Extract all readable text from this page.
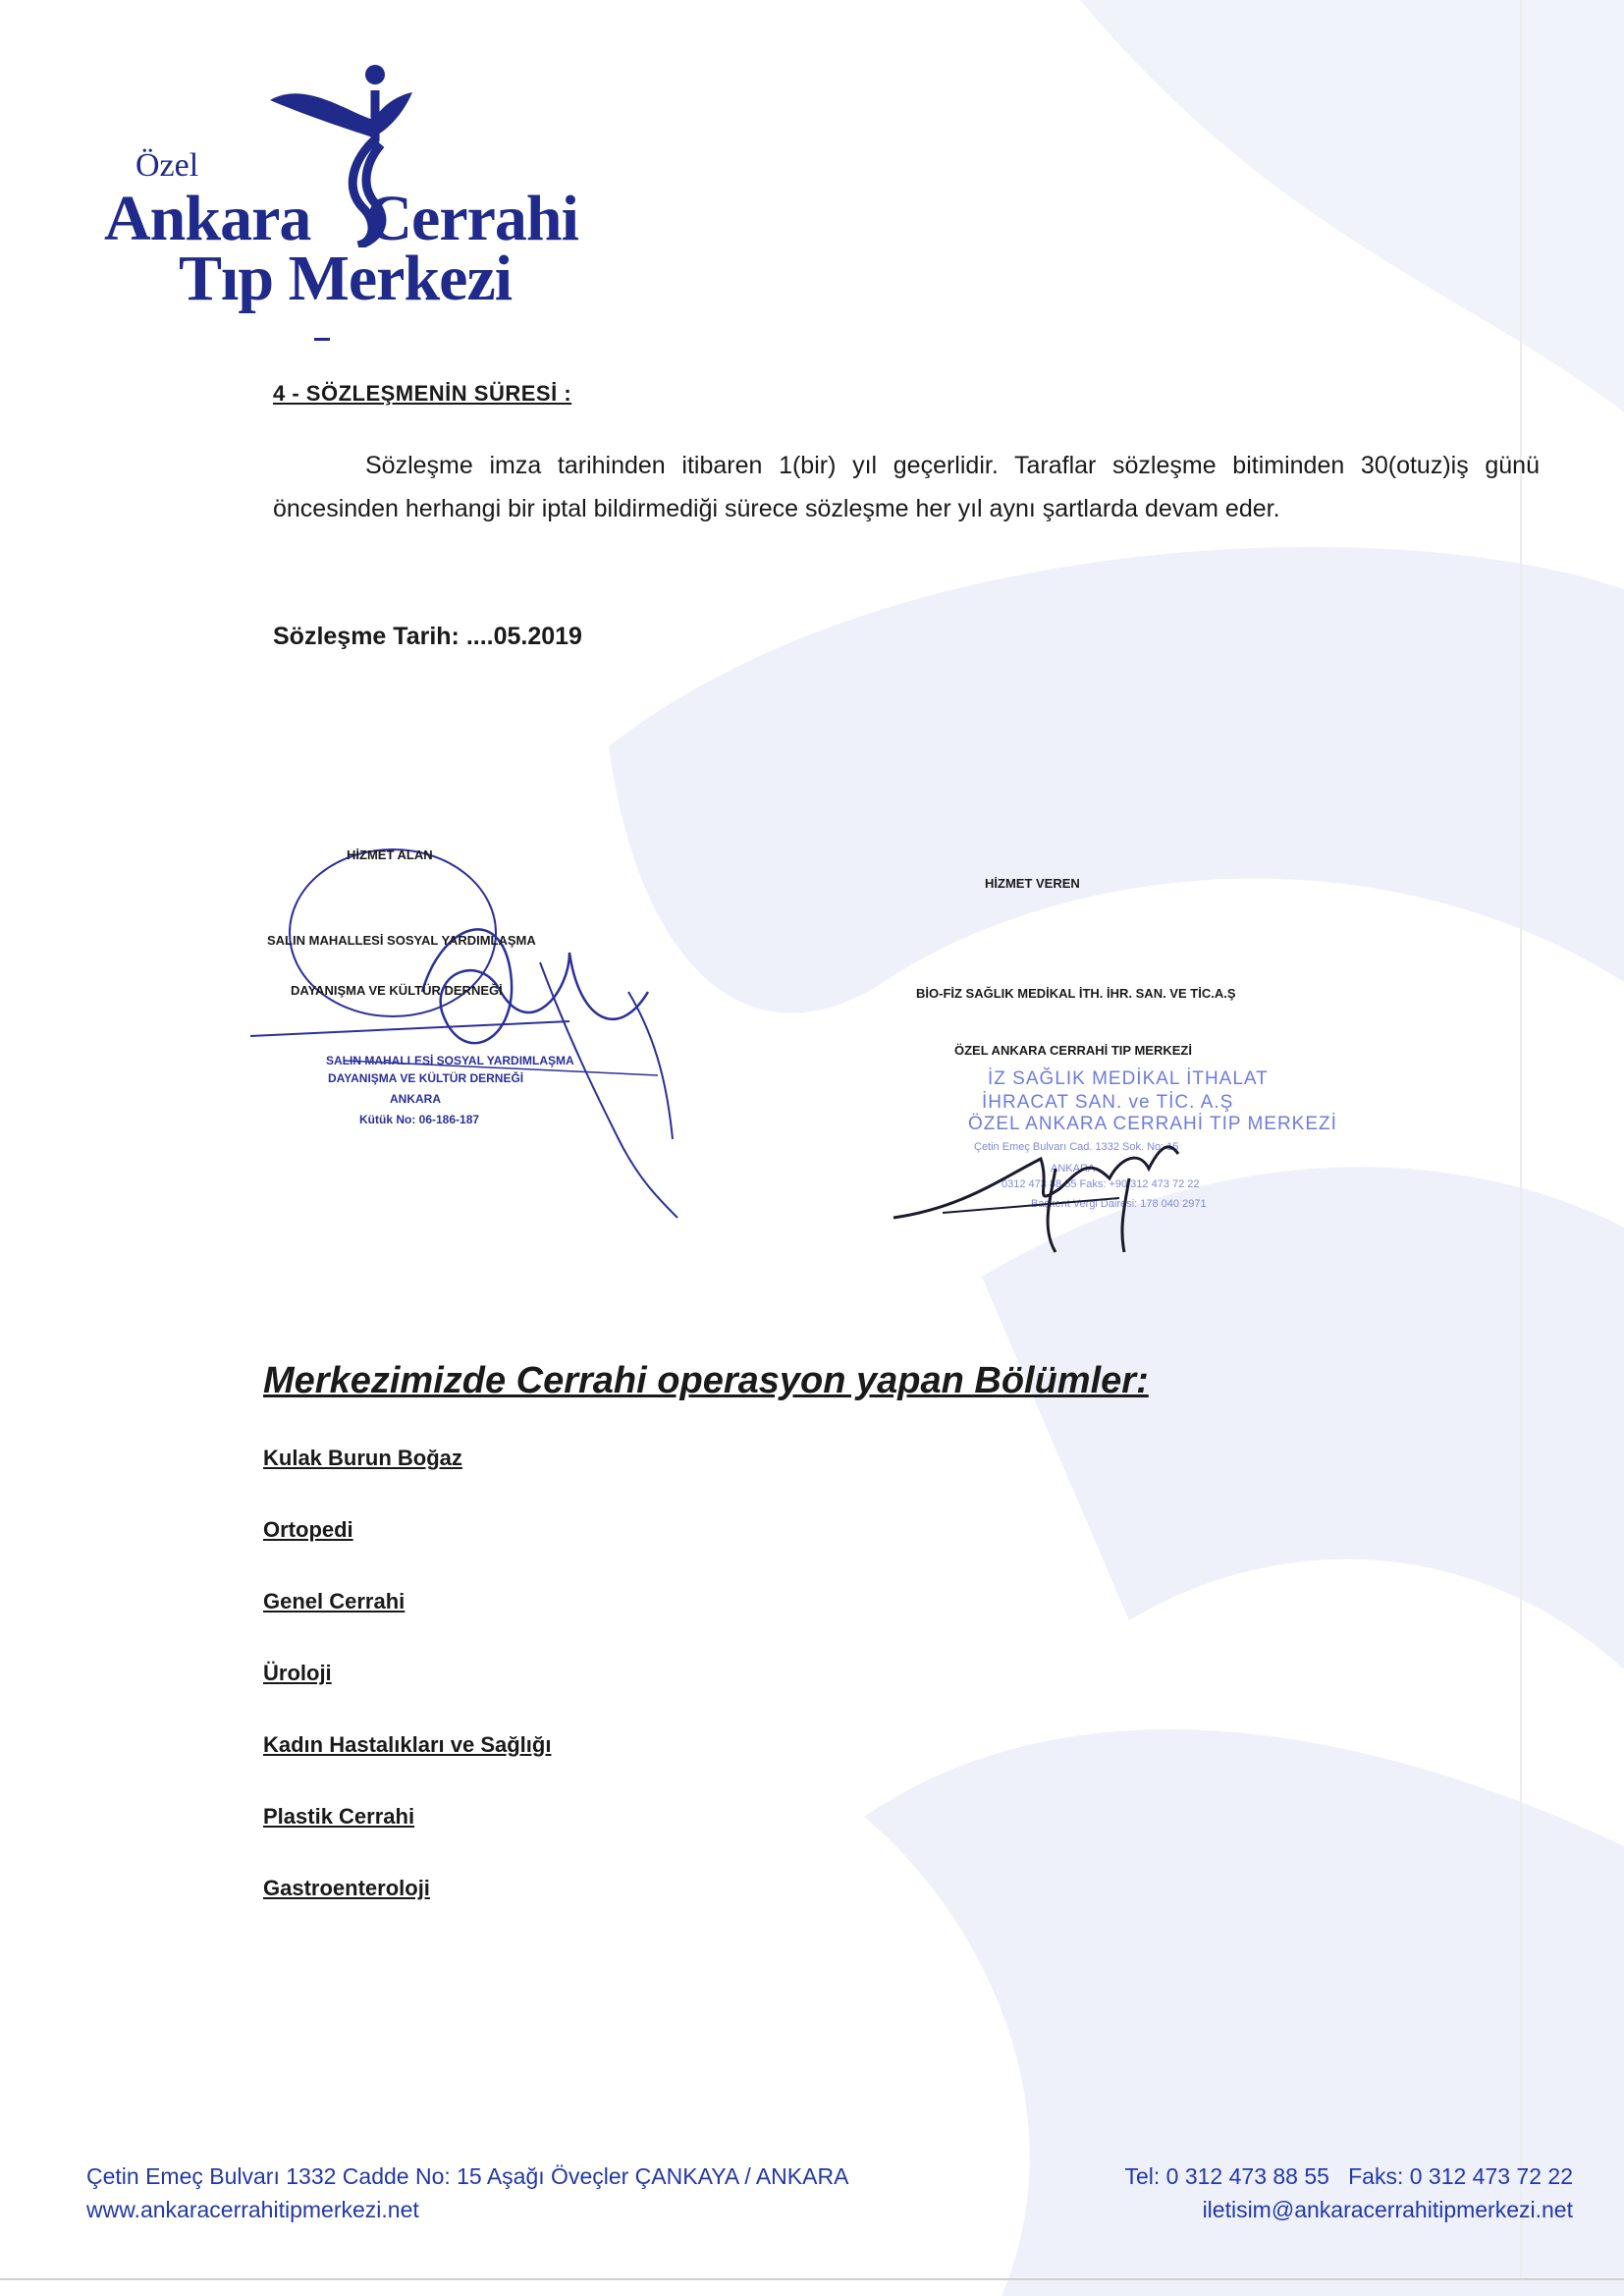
Özel
Ankara Cerrahi
Tıp Merkezi
4 - SÖZLEŞMENİN SÜRESİ :

Sözleşme imza tarihinden itibaren 1(bir) yıl geçerlidir. Taraflar sözleşme bitiminden 30(otuz)iş günü öncesinden herhangi bir iptal bildirmediği sürece sözleşme her yıl aynı şartlarda devam eder.

Sözleşme Tarih: ....05.2019
HİZMET ALAN
SALIN MAHALLESİ SOSYAL YARDIMLAŞMA
DAYANIŞMA VE KÜLTÜR DERNEĞİ
SALIN MAHALLESİ SOSYAL YARDIMLAŞMA
DAYANIŞMA VE KÜLTÜR DERNEĞİ
ANKARA
Kütük No: 06-186-187
HİZMET VEREN
BİO-FİZ SAĞLIK MEDİKAL İTH. İHR. SAN. VE TİC.A.Ş
ÖZEL ANKARA CERRAHİ TIP MERKEZİ
İZ SAĞLIK MEDİKAL İTHALAT
İHRACAT SAN. ve TİC. A.Ş
ÖZEL ANKARA CERRAHİ TIP MERKEZİ
Çetin Emeç Bulvarı Cad. 1332 Sok. No: 15
ANKARA
0312 473 88 55 Faks: +90 312 473 72 22
Başkent Vergi Dairesi: 178 040 2971
Merkezimizde Cerrahi operasyon yapan Bölümler:
Kulak Burun Boğaz
Ortopedi
Genel Cerrahi
Üroloji
Kadın Hastalıkları ve Sağlığı
Plastik Cerrahi
Gastroenteroloji
Çetin Emeç Bulvarı 1332 Cadde No: 15 Aşağı Öveçler ÇANKAYA / ANKARA
www.ankaracerrahitipmerkezi.net
Tel: 0 312 473 88 55   Faks: 0 312 473 72 22
iletisim@ankaracerrahitipmerkezi.net
